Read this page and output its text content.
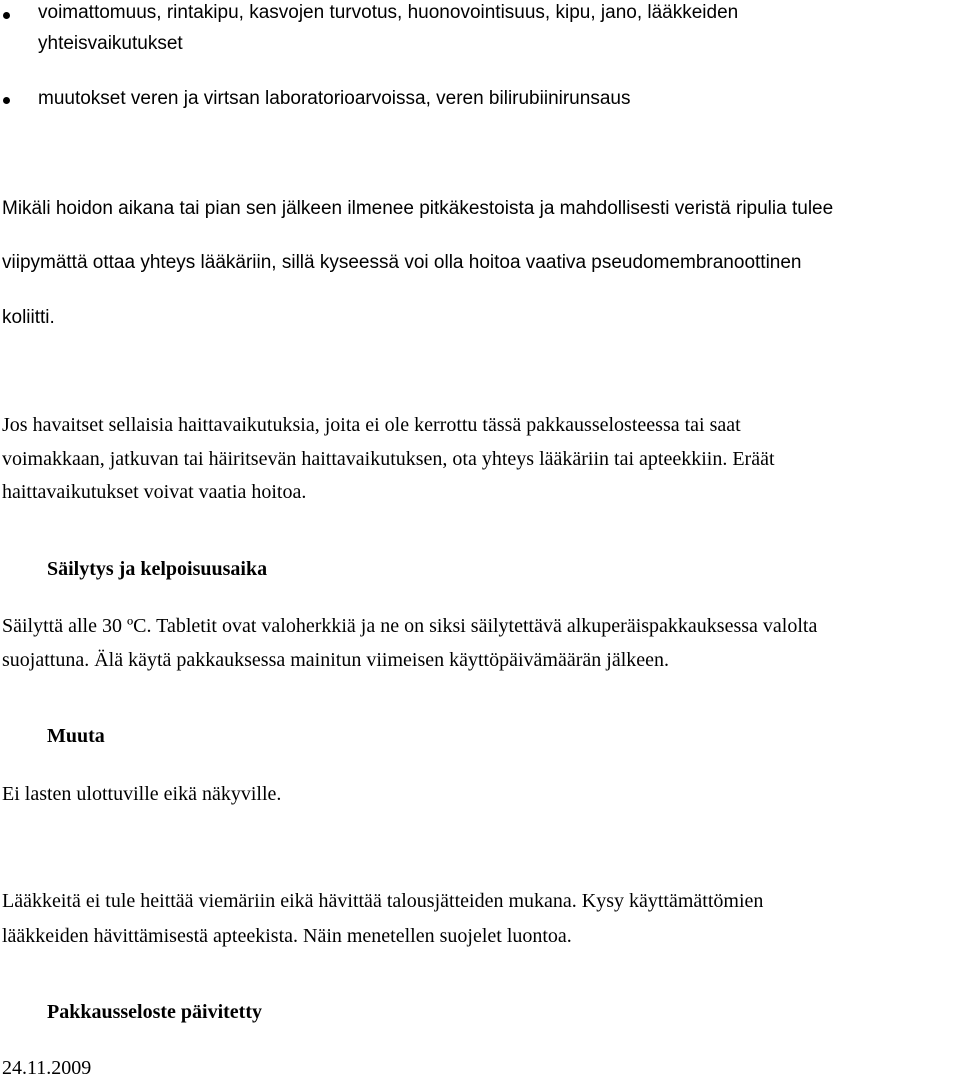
voimattomuus, rintakipu, kasvojen turvotus, huonovointisuus, kipu, jano, lääkkeiden
yhteisvaikutukset
muutokset veren ja virtsan laboratorioarvoissa, veren bilirubiinirunsaus
Mikäli hoidon aikana tai pian sen jälkeen ilmenee pitkäkestoista ja mahdollisesti veristä ripulia tulee
viipymättä ottaa yhteys lääkäriin, sillä kyseessä voi olla hoitoa vaativa pseudomembranoottinen
koliitti.
Jos havaitset sellaisia haittavaikutuksia, joita ei ole kerrottu tässä pakkausselosteessa tai saat
voimakkaan, jatkuvan tai häiritsevän haittavaikutuksen, ota yhteys lääkäriin tai apteekkiin. Eräät
haittavaikutukset voivat vaatia hoitoa.
Säilytys ja kelpoisuusaika
Säilyttä alle 30 ºC. Tabletit ovat valoherkkiä ja ne on siksi säilytettävä alkuperäispakkauksessa valolta
suojattuna. Älä käytä pakkauksessa mainitun viimeisen käyttöpäivämäärän jälkeen.
Muuta
Ei lasten ulottuville eikä näkyville.
Lääkkeitä ei tule heittää viemäriin eikä hävittää talousjätteiden mukana. Kysy käyttämättömien
lääkkeiden hävittämisestä apteekista. Näin menetellen suojelet luontoa.
Pakkausseloste päivitetty
24.11.2009
